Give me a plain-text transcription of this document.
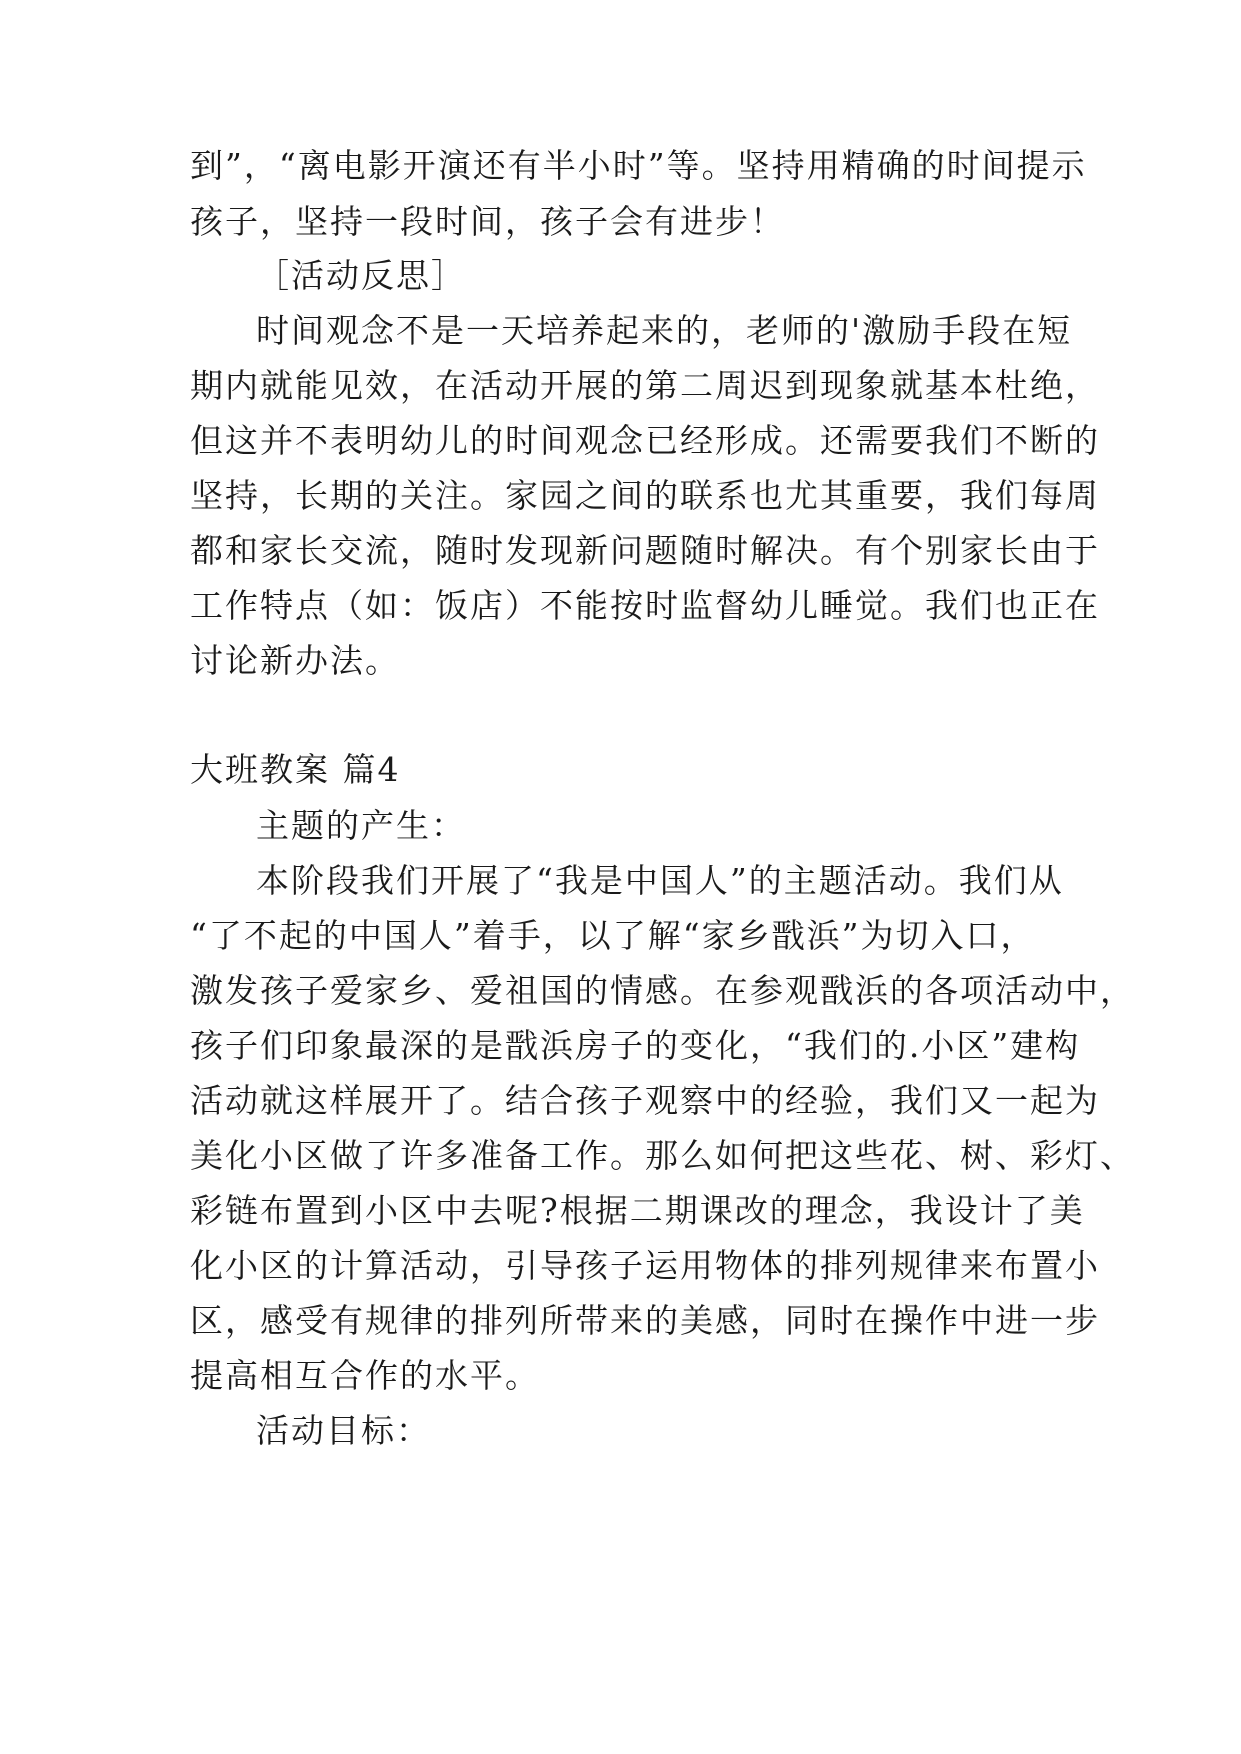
到”，“离电影开演还有半小时”等。坚持用精确的时间提示
孩子，坚持一段时间，孩子会有进步！
［活动反思］
时间观念不是一天培养起来的，老师的'激励手段在短
期内就能见效，在活动开展的第二周迟到现象就基本杜绝，
但这并不表明幼儿的时间观念已经形成。还需要我们不断的
坚持，长期的关注。家园之间的联系也尤其重要，我们每周
都和家长交流，随时发现新问题随时解决。有个别家长由于
工作特点（如：饭店）不能按时监督幼儿睡觉。我们也正在
讨论新办法。
大班教案 篇4
主题的产生：
本阶段我们开展了“我是中国人”的主题活动。我们从
“了不起的中国人”着手，以了解“家乡戬浜”为切入口，
激发孩子爱家乡、爱祖国的情感。在参观戬浜的各项活动中，
孩子们印象最深的是戬浜房子的变化，“我们的.小区”建构
活动就这样展开了。结合孩子观察中的经验，我们又一起为
美化小区做了许多准备工作。那么如何把这些花、树、彩灯、
彩链布置到小区中去呢?根据二期课改的理念，我设计了美
化小区的计算活动，引导孩子运用物体的排列规律来布置小
区，感受有规律的排列所带来的美感，同时在操作中进一步
提高相互合作的水平。
活动目标：
